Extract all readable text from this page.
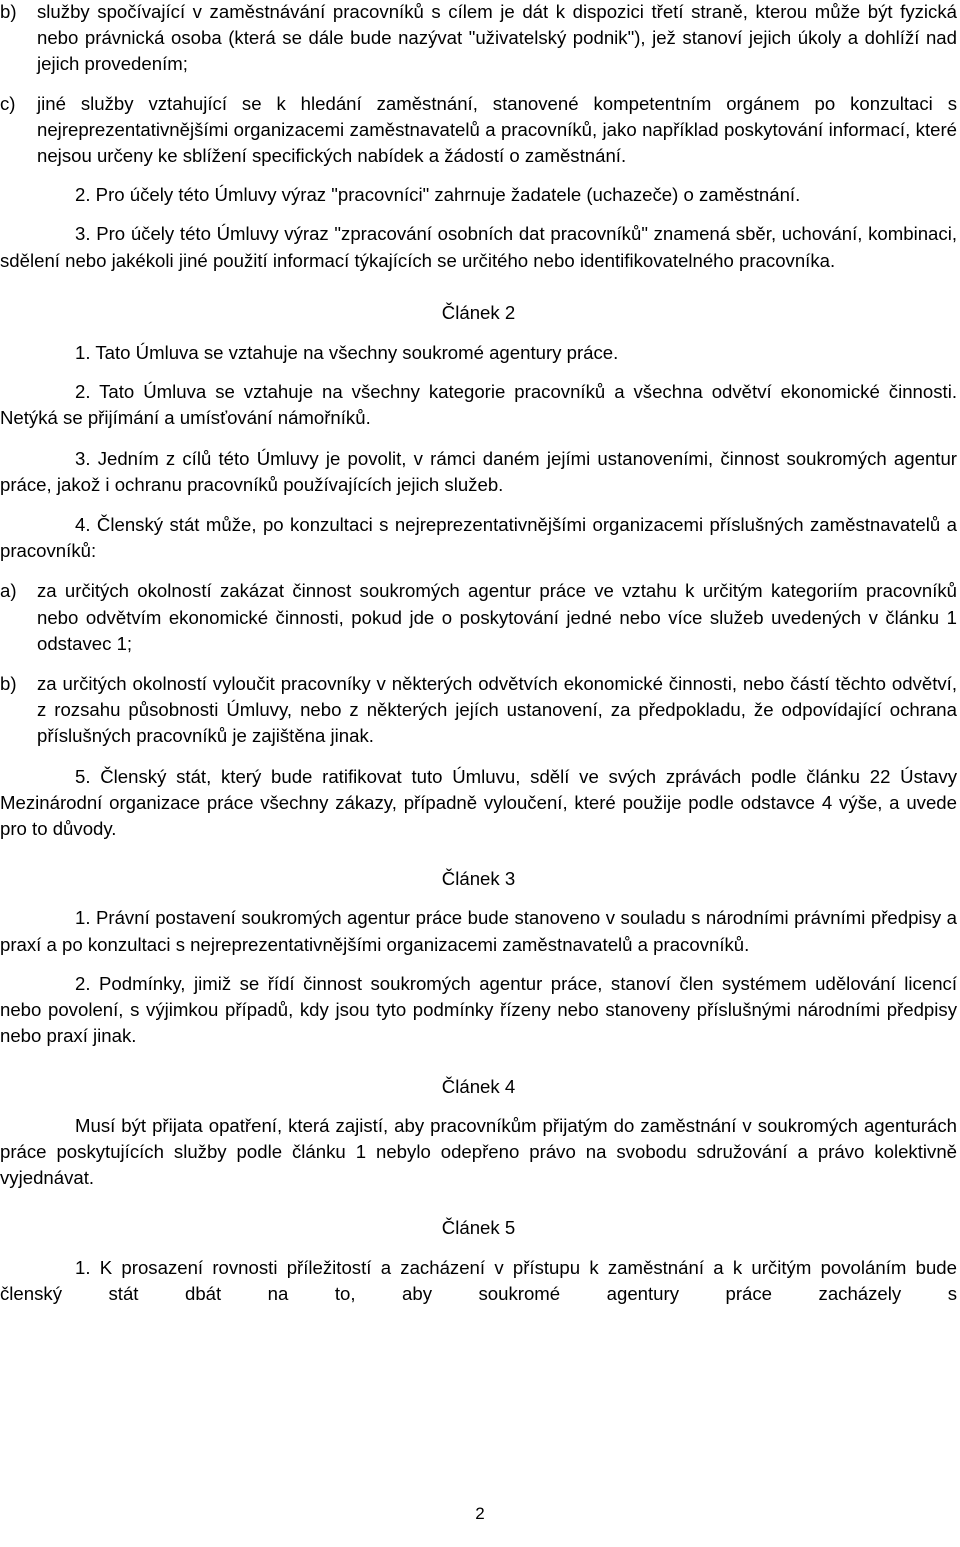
b)	služby spočívající v zaměstnávání pracovníků s cílem je dát k dispozici třetí straně, kterou může být fyzická nebo právnická osoba (která se dále bude nazývat "uživatelský podnik"), jež stanoví jejich úkoly a dohlíží nad jejich provedením;
c)	jiné služby vztahující se k hledání zaměstnání, stanovené kompetentním orgánem po konzultaci s nejreprezentativnějšími organizacemi zaměstnavatelů a pracovníků, jako například poskytování informací, které nejsou určeny ke sblížení specifických nabídek a žádostí o zaměstnání.

2. Pro účely této Úmluvy výraz "pracovníci" zahrnuje žadatele (uchazeče) o zaměstnání.

3. Pro účely této Úmluvy výraz "zpracování osobních dat pracovníků" znamená sběr, uchování, kombinaci, sdělení nebo jakékoli jiné použití informací týkajících se určitého nebo identifikovatelného pracovníka.

Článek 2

1. Tato Úmluva se vztahuje na všechny soukromé agentury práce.

2. Tato Úmluva se vztahuje na všechny kategorie pracovníků a všechna odvětví ekonomické činnosti. Netýká se přijímání a umísťování námořníků.

3. Jedním z cílů této Úmluvy je povolit, v rámci daném jejími ustanoveními, činnost soukromých agentur práce, jakož i ochranu pracovníků používajících jejich služeb.

4. Členský stát může, po konzultaci s nejreprezentativnějšími organizacemi příslušných zaměstnavatelů a pracovníků:

a)	za určitých okolností zakázat činnost soukromých agentur práce ve vztahu k určitým kategoriím pracovníků nebo odvětvím ekonomické činnosti, pokud jde o poskytování jedné nebo více služeb uvedených v článku 1 odstavec 1;
b)	za určitých okolností vyloučit pracovníky v některých odvětvích ekonomické činnosti, nebo částí těchto odvětví, z rozsahu působnosti Úmluvy, nebo z některých jejích ustanovení, za předpokladu, že odpovídající ochrana příslušných pracovníků je zajištěna jinak.

5. Členský stát, který bude ratifikovat tuto Úmluvu, sdělí ve svých zprávách podle článku 22 Ústavy Mezinárodní organizace práce všechny zákazy, případně vyloučení, které použije podle odstavce 4 výše, a uvede pro to důvody.

Článek 3

1. Právní postavení soukromých agentur práce bude stanoveno v souladu s národními právními předpisy a praxí a po konzultaci s nejreprezentativnějšími organizacemi zaměstnavatelů a pracovníků.

2. Podmínky, jimiž se řídí činnost soukromých agentur práce, stanoví člen systémem udělování licencí nebo povolení, s výjimkou případů, kdy jsou tyto podmínky řízeny nebo stanoveny příslušnými národními předpisy nebo praxí jinak.

Článek 4

Musí být přijata opatření, která zajistí, aby pracovníkům přijatým do zaměstnání v soukromých agenturách práce poskytujících služby podle článku 1 nebylo odepřeno právo na svobodu sdružování a právo kolektivně vyjednávat.

Článek 5

1. K prosazení rovnosti příležitostí a zacházení v přístupu k zaměstnání a k určitým povoláním bude členský stát dbát na to, aby soukromé agentury práce zacházely s

2
